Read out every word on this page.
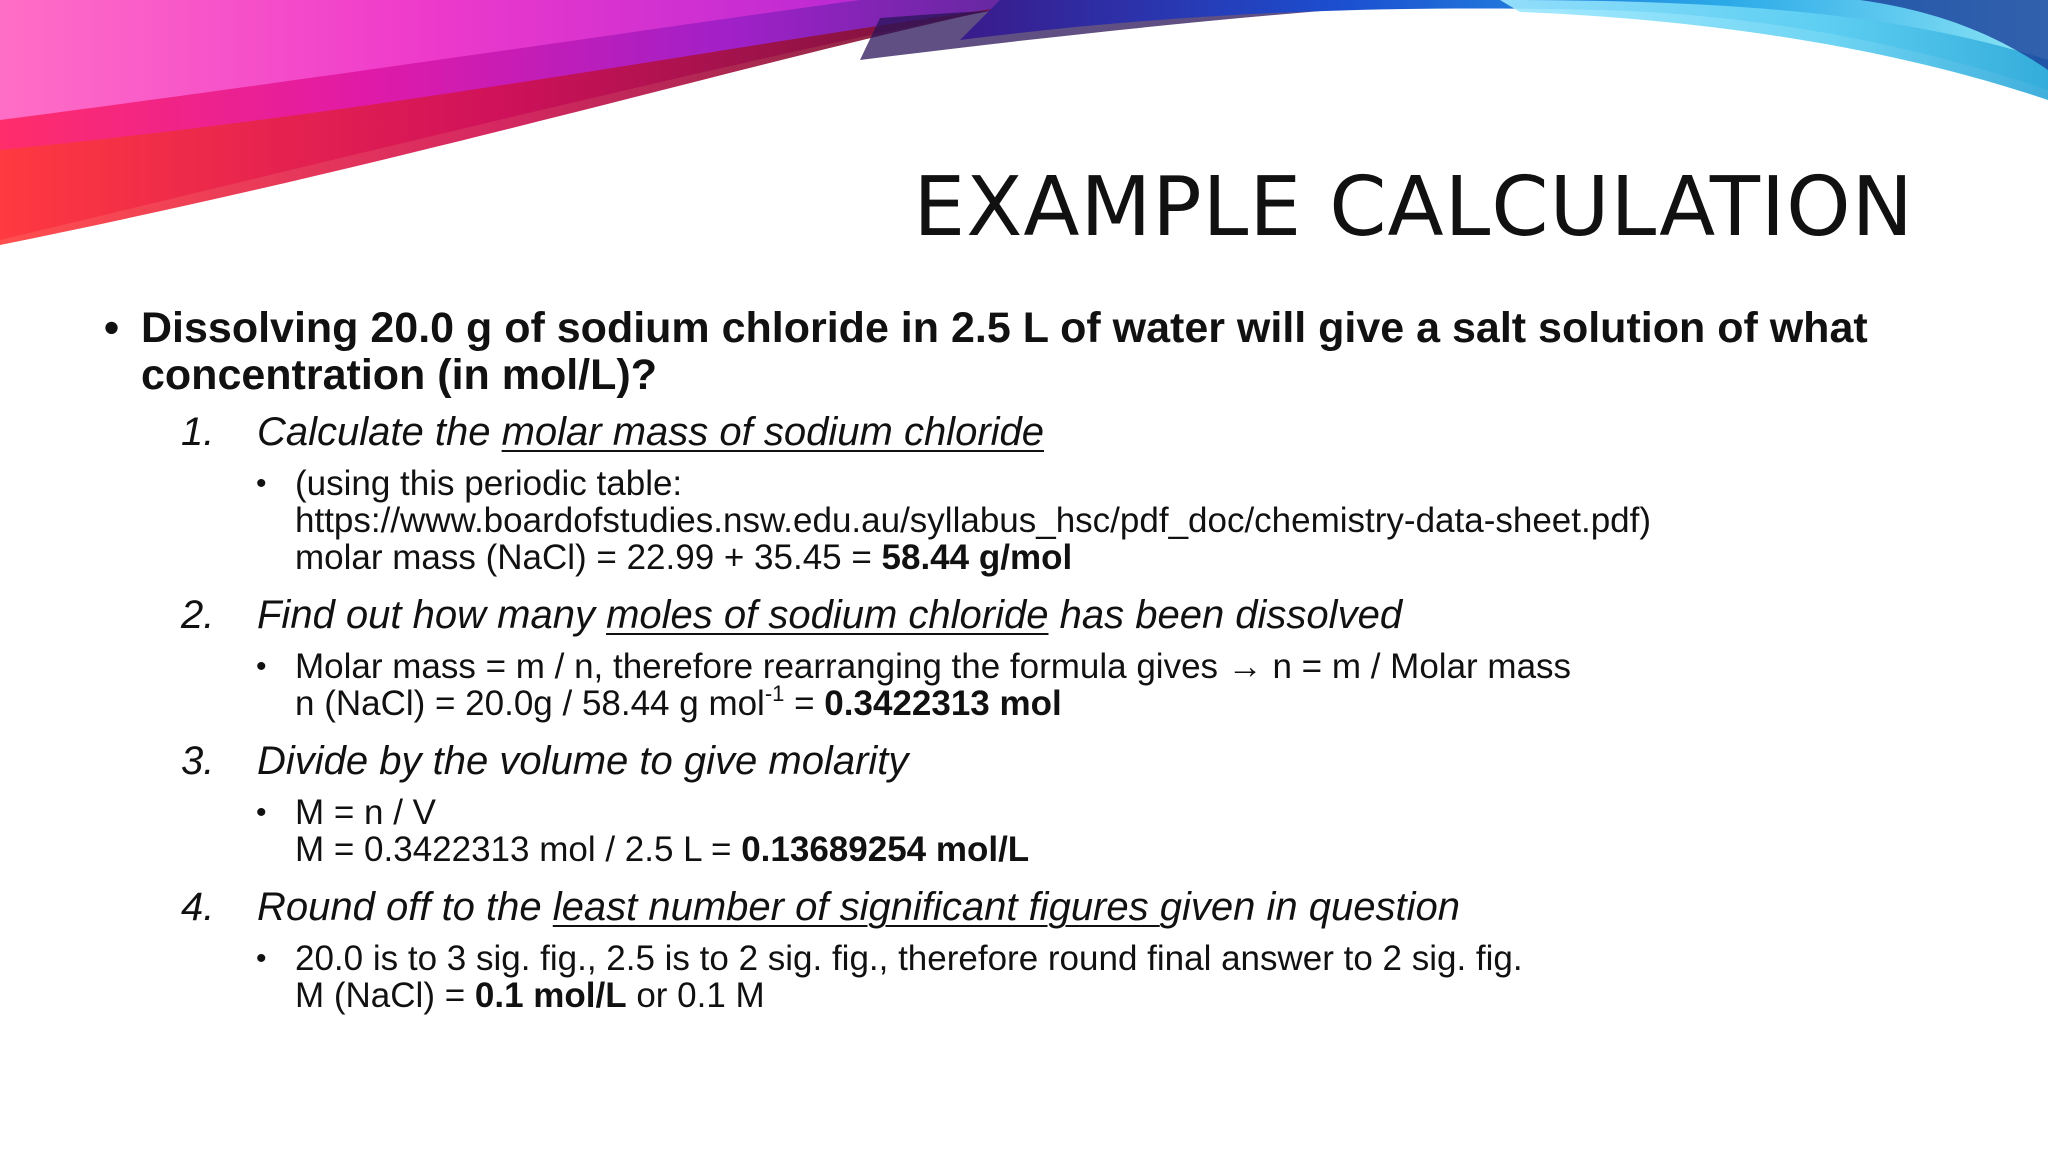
EXAMPLE CALCULATION
• Dissolving 20.0 g of sodium chloride in 2.5 L of water will give a salt solution of what concentration (in mol/L)?
1. Calculate the molar mass of sodium chloride
• (using this periodic table:
https://www.boardofstudies.nsw.edu.au/syllabus_hsc/pdf_doc/chemistry-data-sheet.pdf)
molar mass (NaCl) = 22.99 + 35.45 = 58.44 g/mol
2. Find out how many moles of sodium chloride has been dissolved
• Molar mass = m / n, therefore rearranging the formula gives → n = m / Molar mass
n (NaCl) = 20.0g / 58.44 g mol$^{-1}$ = 0.3422313 mol
3. Divide by the volume to give molarity
• M = n / V
M = 0.3422313 mol / 2.5 L = 0.13689254 mol/L
4. Round off to the least number of significant figures given in question
• 20.0 is to 3 sig. fig., 2.5 is to 2 sig. fig., therefore round final answer to 2 sig. fig.
M (NaCl) = 0.1 mol/L or 0.1 M
